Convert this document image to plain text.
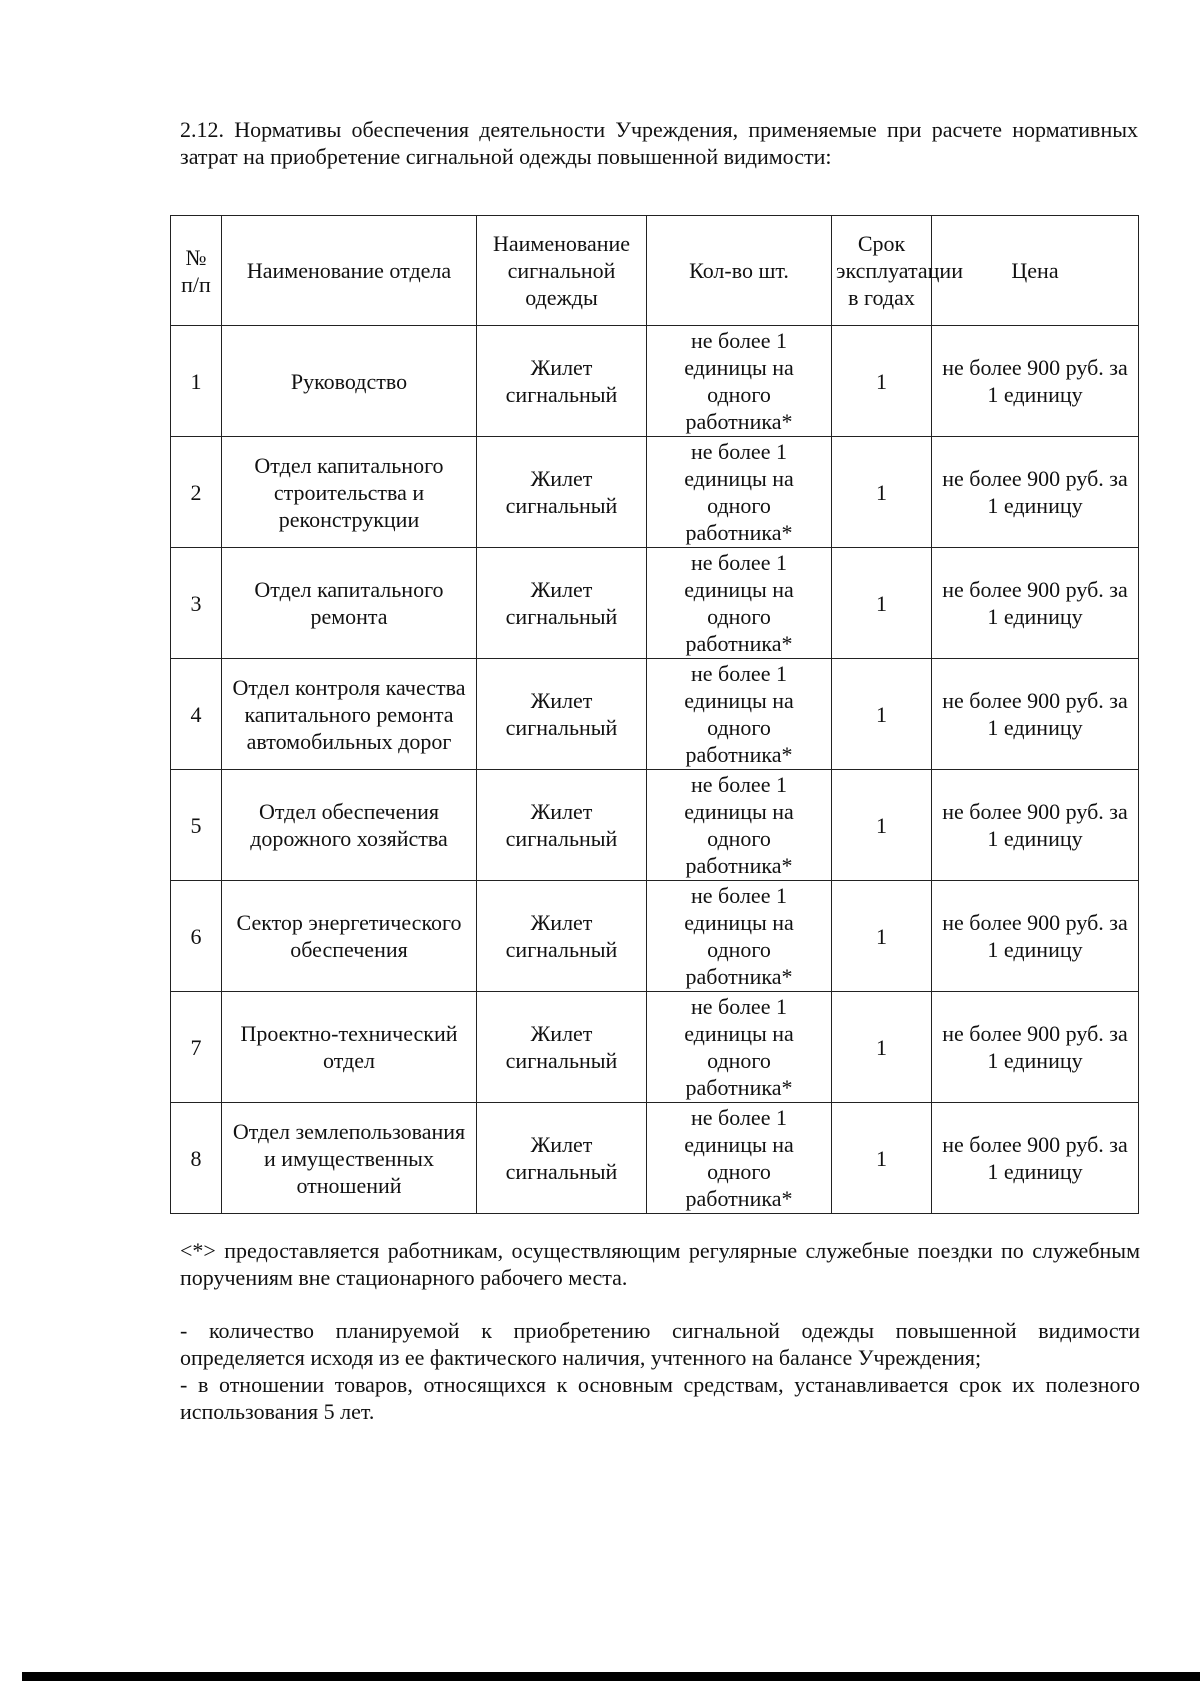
2.12. Нормативы обеспечения деятельности Учреждения, применяемые при расчете нормативных затрат на приобретение сигнальной одежды повышенной видимости:

№ п/п	Наименование отдела	Наименование сигнальной одежды	Кол-во шт.	Срок эксплуатации в годах	Цена
1	Руководство	Жилет сигнальный	не более 1 единицы на одного работника*	1	не более 900 руб. за 1 единицу
2	Отдел капитального строительства и реконструкции	Жилет сигнальный	не более 1 единицы на одного работника*	1	не более 900 руб. за 1 единицу
3	Отдел капитального ремонта	Жилет сигнальный	не более 1 единицы на одного работника*	1	не более 900 руб. за 1 единицу
4	Отдел контроля качества капитального ремонта автомобильных дорог	Жилет сигнальный	не более 1 единицы на одного работника*	1	не более 900 руб. за 1 единицу
5	Отдел обеспечения дорожного хозяйства	Жилет сигнальный	не более 1 единицы на одного работника*	1	не более 900 руб. за 1 единицу
6	Сектор энергетического обеспечения	Жилет сигнальный	не более 1 единицы на одного работника*	1	не более 900 руб. за 1 единицу
7	Проектно-технический отдел	Жилет сигнальный	не более 1 единицы на одного работника*	1	не более 900 руб. за 1 единицу
8	Отдел землепользования и имущественных отношений	Жилет сигнальный	не более 1 единицы на одного работника*	1	не более 900 руб. за 1 единицу

<*> предоставляется работникам, осуществляющим регулярные служебные поездки по служебным поручениям вне стационарного рабочего места.

- количество планируемой к приобретению сигнальной одежды повышенной видимости определяется исходя из ее фактического наличия, учтенного на балансе Учреждения;

- в отношении товаров, относящихся к основным средствам, устанавливается срок их полезного использования 5 лет.
